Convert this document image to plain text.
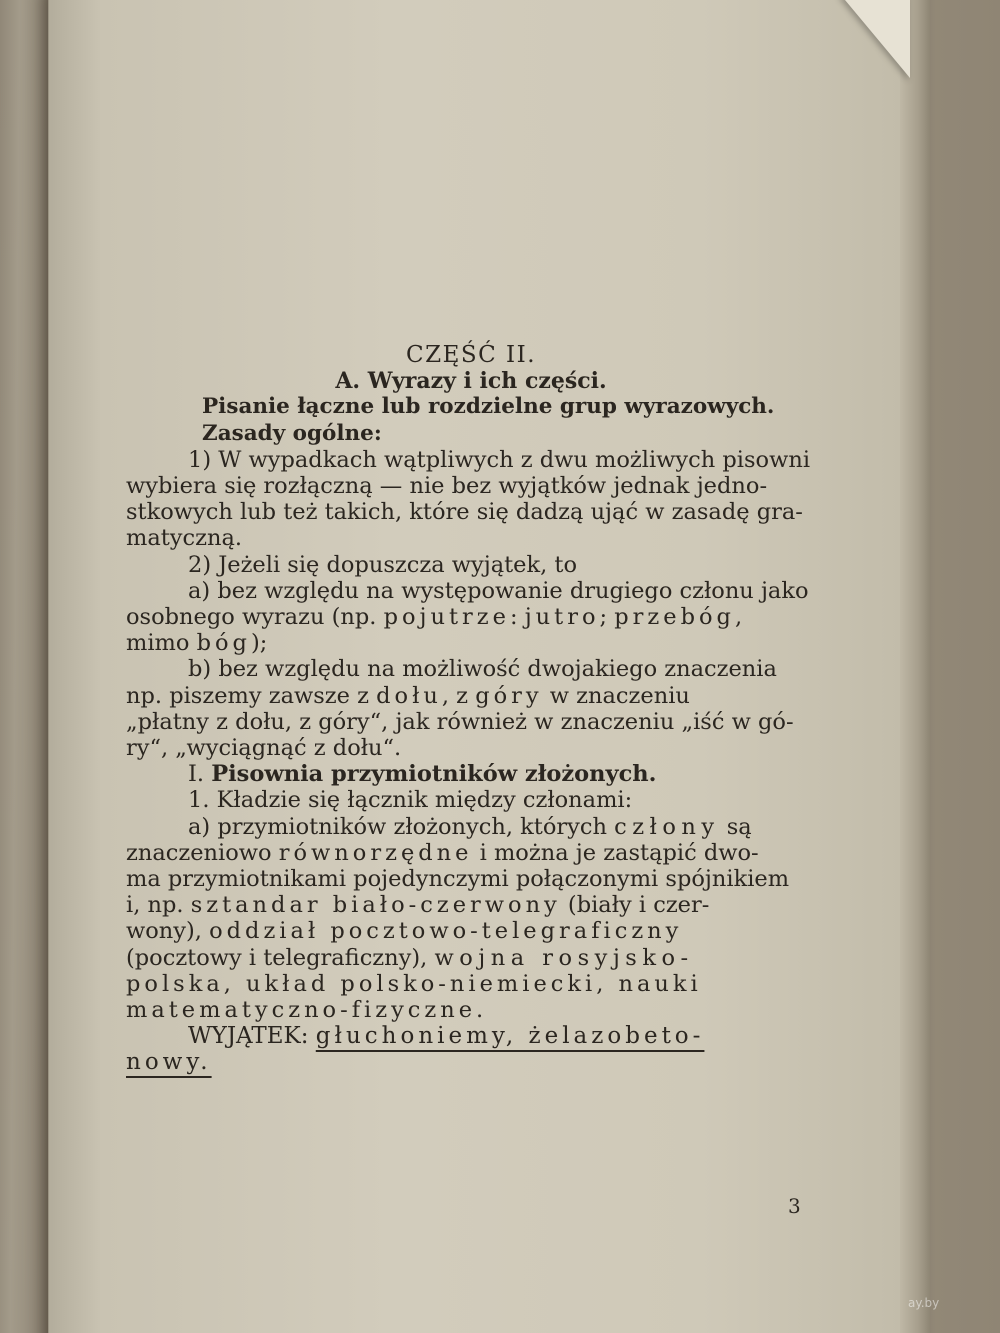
CZĘŚĆ II.

A. Wyrazy i ich części.

Pisanie łączne lub rozdzielne grup wyrazowych.

Zasady ogólne:

1) W wypadkach wątpliwych z dwu możliwych pisowni

wybiera się rozłączną — nie bez wyjątków jednak jedno-

stkowych lub też takich, które się dadzą ująć w zasadę gra-

matyczną.

2) Jeżeli się dopuszcza wyjątek, to

a) bez względu na występowanie drugiego członu jako

osobnego wyrazu (np. pojutrze: jutro; przebóg,

mimo bóg);

b) bez względu na możliwość dwojakiego znaczenia

np. piszemy zawsze z dołu, z góry w znaczeniu

„płatny z dołu, z góry“, jak również w znaczeniu „iść w gó-

ry“, „wyciągnąć z dołu“.

I. Pisownia przymiotników złożonych.

1. Kładzie się łącznik między członami:

a) przymiotników złożonych, których człony są

znaczeniowo równorzędne i można je zastąpić dwo-

ma przymiotnikami pojedynczymi połączonymi spójnikiem

i, np. sztandar biało-czerwony (biały i czer-

wony), oddział pocztowo-telegraficzny

(pocztowy i telegraficzny), wojna rosyjsko-

polska, układ polsko-niemiecki, nauki

matematyczno-fizyczne.

WYJĄTEK: głuchoniemy, żelazobeto-

nowy.

3
ay.by
